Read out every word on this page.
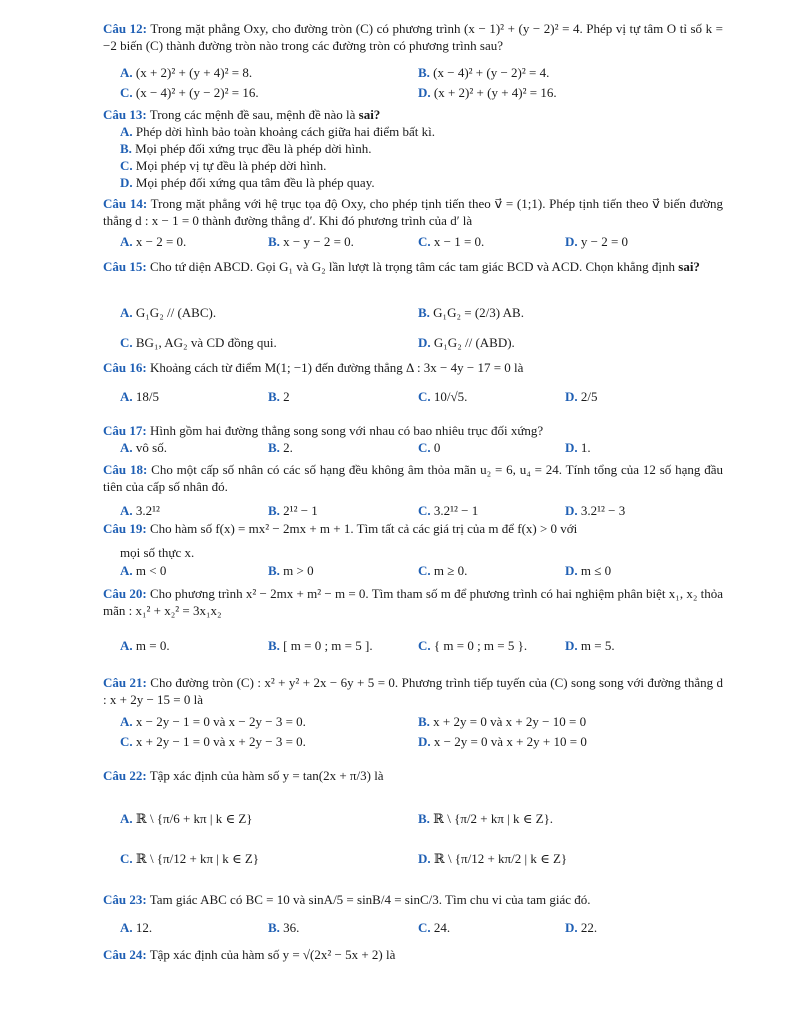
Câu 12: Trong mặt phẳng Oxy, cho đường tròn (C) có phương trình (x − 1)² + (y − 2)² = 4. Phép vị tự tâm O tỉ số k = −2 biến (C) thành đường tròn nào trong các đường tròn có phương trình sau?
A. (x + 2)² + (y + 4)² = 8.	B. (x − 4)² + (y − 2)² = 4.
C. (x − 4)² + (y − 2)² = 16.	D. (x + 2)² + (y + 4)² = 16.
Câu 13: Trong các mệnh đề sau, mệnh đề nào là sai?
A. Phép dời hình bảo toàn khoảng cách giữa hai điểm bất kì.
B. Mọi phép đối xứng trục đều là phép dời hình.
C. Mọi phép vị tự đều là phép dời hình.
D. Mọi phép đối xứng qua tâm đều là phép quay.
Câu 14: Trong mặt phẳng với hệ trục tọa độ Oxy, cho phép tịnh tiến theo v⃗ = (1;1). Phép tịnh tiến theo v⃗ biến đường thẳng d : x − 1 = 0 thành đường thẳng d′. Khi đó phương trình của d′ là
A. x − 2 = 0.	B. x − y − 2 = 0.	C. x − 1 = 0.	D. y − 2 = 0
Câu 15: Cho tứ diện ABCD. Gọi G₁ và G₂ lần lượt là trọng tâm các tam giác BCD và ACD. Chọn khẳng định sai?
A. G₁G₂ // (ABC).	B. G₁G₂ = (2/3) AB.
C. BG₁, AG₂ và CD đồng qui.	D. G₁G₂ // (ABD).
Câu 16: Khoảng cách từ điểm M(1; −1) đến đường thẳng Δ : 3x − 4y − 17 = 0 là
A. 18/5	B. 2	C. 10/√5.	D. 2/5
Câu 17: Hình gồm hai đường thẳng song song với nhau có bao nhiêu trục đối xứng?
A. vô số.	B. 2.	C. 0	D. 1.
Câu 18: Cho một cấp số nhân có các số hạng đều không âm thỏa mãn u₂ = 6, u₄ = 24. Tính tổng của 12 số hạng đầu tiên của cấp số nhân đó.
A. 3.2¹²	B. 2¹² − 1	C. 3.2¹² − 1	D. 3.2¹² − 3
Câu 19: Cho hàm số f(x) = mx² − 2mx + m + 1. Tìm tất cả các giá trị của m để f(x) > 0 với
mọi số thực x.
A. m < 0	B. m > 0	C. m ≥ 0.	D. m ≤ 0
Câu 20: Cho phương trình x² − 2mx + m² − m = 0. Tìm tham số m để phương trình có hai nghiệm phân biệt x₁, x₂ thỏa mãn : x₁² + x₂² = 3x₁x₂
A. m = 0.	B. [ m = 0 ; m = 5 ].	C. { m = 0 ; m = 5 }.	D. m = 5.
Câu 21: Cho đường tròn (C) : x² + y² + 2x − 6y + 5 = 0. Phương trình tiếp tuyến của (C) song song với đường thẳng d : x + 2y − 15 = 0 là
A. x − 2y − 1 = 0 và x − 2y − 3 = 0.	B. x + 2y = 0 và x + 2y − 10 = 0
C. x + 2y − 1 = 0 và x + 2y − 3 = 0.	D. x − 2y = 0 và x + 2y + 10 = 0
Câu 22: Tập xác định của hàm số y = tan(2x + π/3) là
A. ℝ \ {π/6 + kπ | k ∈ Z}	B. ℝ \ {π/2 + kπ | k ∈ Z}.
C. ℝ \ {π/12 + kπ | k ∈ Z}	D. ℝ \ {π/12 + kπ/2 | k ∈ Z}
Câu 23: Tam giác ABC có BC = 10 và sinA/5 = sinB/4 = sinC/3. Tìm chu vi của tam giác đó.
A. 12.	B. 36.	C. 24.	D. 22.
Câu 24: Tập xác định của hàm số y = √(2x² − 5x + 2) là
